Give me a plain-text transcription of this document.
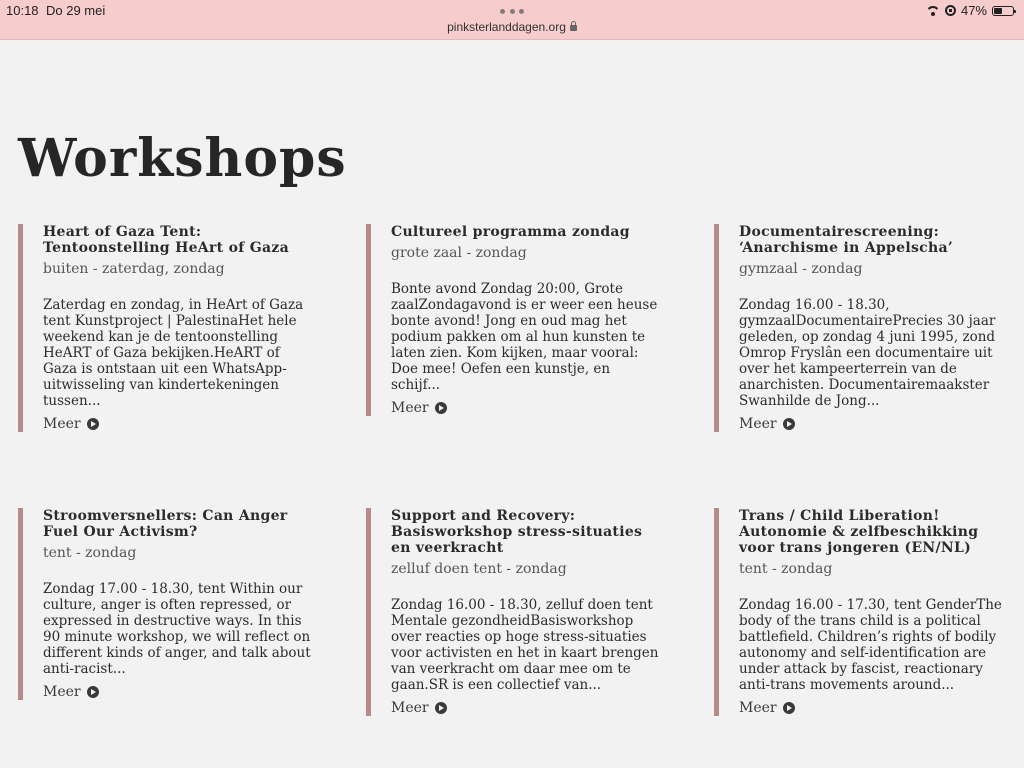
10:18 Do 29 mei
pinksterlanddagen.org
47%
Workshops
Heart of Gaza Tent: Tentoonstelling HeArt of Gaza
buiten - zaterdag, zondag
Zaterdag en zondag, in HeArt of Gaza tent Kunstproject | PalestinaHet hele weekend kan je de tentoonstelling HeART of Gaza bekijken.HeART of Gaza is ontstaan uit een WhatsApp-uitwisseling van kindertekeningen tussen...
Meer
Cultureel programma zondag
grote zaal - zondag
Bonte avond Zondag 20:00, Grote zaalZondagavond is er weer een heuse bonte avond! Jong en oud mag het podium pakken om al hun kunsten te laten zien. Kom kijken, maar vooral: Doe mee! Oefen een kunstje, en schijf...
Meer
Documentairescreening: ‘Anarchisme in Appelscha’
gymzaal - zondag
Zondag 16.00 - 18.30, gymzaalDocumentairePrecies 30 jaar geleden, op zondag 4 juni 1995, zond Omrop Fryslân een documentaire uit over het kampeerterrein van de anarchisten. Documentairemaakster Swanhilde de Jong...
Meer
Stroomversnellers: Can Anger Fuel Our Activism?
tent - zondag
Zondag 17.00 - 18.30, tent Within our culture, anger is often repressed, or expressed in destructive ways. In this 90 minute workshop, we will reflect on different kinds of anger, and talk about anti-racist...
Meer
Support and Recovery: Basisworkshop stress-situaties en veerkracht
zelluf doen tent - zondag
Zondag 16.00 - 18.30, zelluf doen tent Mentale gezondheidBasisworkshop over reacties op hoge stress-situaties voor activisten en het in kaart brengen van veerkracht om daar mee om te gaan.SR is een collectief van...
Meer
Trans / Child Liberation! Autonomie & zelfbeschikking voor trans jongeren (EN/NL)
tent - zondag
Zondag 16.00 - 17.30, tent GenderThe body of the trans child is a political battlefield. Children’s rights of bodily autonomy and self-identification are under attack by fascist, reactionary anti-trans movements around...
Meer
